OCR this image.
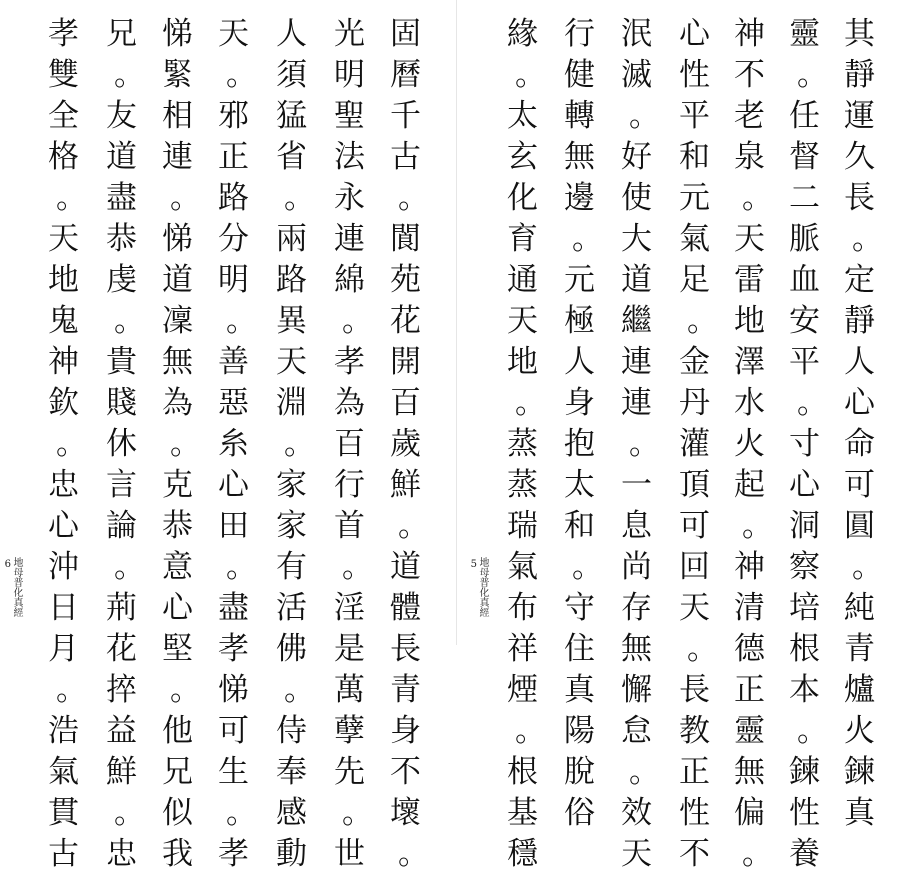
固
曆
千
古
。
閬
苑
花
開
百
歲
鮮
。
道
體
長
青
身
不
壞
。
光
明
聖
法
永
連
綿
。
孝
為
百
行
首
。
淫
是
萬
孽
先
。
世
人
須
猛
省
。
兩
路
異
天
淵
。
家
家
有
活
佛
。
侍
奉
感
動
天
。
邪
正
路
分
明
。
善
惡
糸
心
田
。
盡
孝
悌
可
生
。
孝
悌
緊
相
連
。
悌
道
凜
無
為
。
克
恭
意
心
堅
。
他
兄
似
我
兄
。
友
道
盡
恭
虔
。
貴
賤
休
言
論
。
荊
花
捽
益
鮮
。
忠
孝
雙
全
格
。
天
地
鬼
神
欽
。
忠
心
沖
日
月
。
浩
氣
貫
古
地母普化真經
6
其
靜
運
久
長
。
定
靜
人
心
命
可
圓
。
純
青
爐
火
鍊
真
靈
。
任
督
二
脈
血
安
平
。
寸
心
洞
察
培
根
本
。
鍊
性
養
神
不
老
泉
。
天
雷
地
澤
水
火
起
。
神
清
德
正
靈
無
偏
。
心
性
平
和
元
氣
足
。
金
丹
灌
頂
可
回
天
。
長
教
正
性
不
泯
滅
。
好
使
大
道
繼
連
連
。
一
息
尚
存
無
懈
怠
。
效
天
行
健
轉
無
邊
。
元
極
人
身
抱
太
和
。
守
住
真
陽
脫
俗
緣
。
太
玄
化
育
通
天
地
。
蒸
蒸
瑞
氣
布
祥
煙
。
根
基
穩
地母普化真經
5
